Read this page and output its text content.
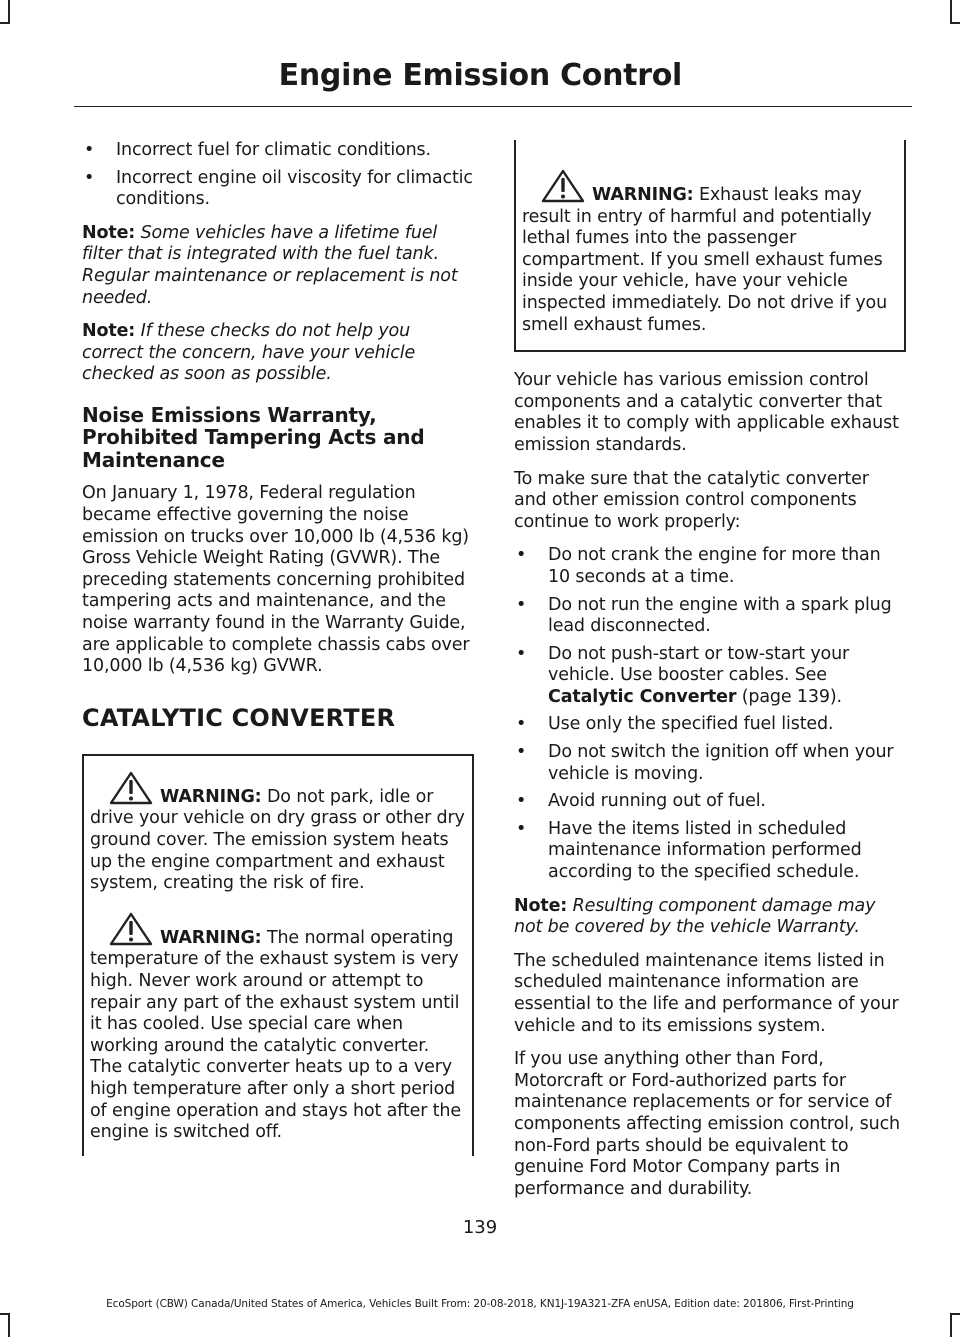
Engine Emission Control
• Incorrect fuel for climatic conditions.
• Incorrect engine oil viscosity for climactic conditions.

Note: Some vehicles have a lifetime fuel filter that is integrated with the fuel tank. Regular maintenance or replacement is not needed.

Note: If these checks do not help you correct the concern, have your vehicle checked as soon as possible.

Noise Emissions Warranty, Prohibited Tampering Acts and Maintenance

On January 1, 1978, Federal regulation became effective governing the noise emission on trucks over 10,000 lb (4,536 kg) Gross Vehicle Weight Rating (GVWR). The preceding statements concerning prohibited tampering acts and maintenance, and the noise warranty found in the Warranty Guide, are applicable to complete chassis cabs over 10,000 lb (4,536 kg) GVWR.

CATALYTIC CONVERTER

WARNING: Do not park, idle or drive your vehicle on dry grass or other dry ground cover. The emission system heats up the engine compartment and exhaust system, creating the risk of fire.

WARNING: The normal operating temperature of the exhaust system is very high. Never work around or attempt to repair any part of the exhaust system until it has cooled. Use special care when working around the catalytic converter. The catalytic converter heats up to a very high temperature after only a short period of engine operation and stays hot after the engine is switched off.

WARNING: Exhaust leaks may result in entry of harmful and potentially lethal fumes into the passenger compartment. If you smell exhaust fumes inside your vehicle, have your vehicle inspected immediately. Do not drive if you smell exhaust fumes.

Your vehicle has various emission control components and a catalytic converter that enables it to comply with applicable exhaust emission standards.

To make sure that the catalytic converter and other emission control components continue to work properly:

• Do not crank the engine for more than 10 seconds at a time.
• Do not run the engine with a spark plug lead disconnected.
• Do not push-start or tow-start your vehicle. Use booster cables. See Catalytic Converter (page 139).
• Use only the specified fuel listed.
• Do not switch the ignition off when your vehicle is moving.
• Avoid running out of fuel.
• Have the items listed in scheduled maintenance information performed according to the specified schedule.

Note: Resulting component damage may not be covered by the vehicle Warranty.

The scheduled maintenance items listed in scheduled maintenance information are essential to the life and performance of your vehicle and to its emissions system.

If you use anything other than Ford, Motorcraft or Ford-authorized parts for maintenance replacements or for service of components affecting emission control, such non-Ford parts should be equivalent to genuine Ford Motor Company parts in performance and durability.

139
EcoSport (CBW) Canada/United States of America, Vehicles Built From: 20-08-2018, KN1J-19A321-ZFA enUSA, Edition date: 201806, First-Printing
